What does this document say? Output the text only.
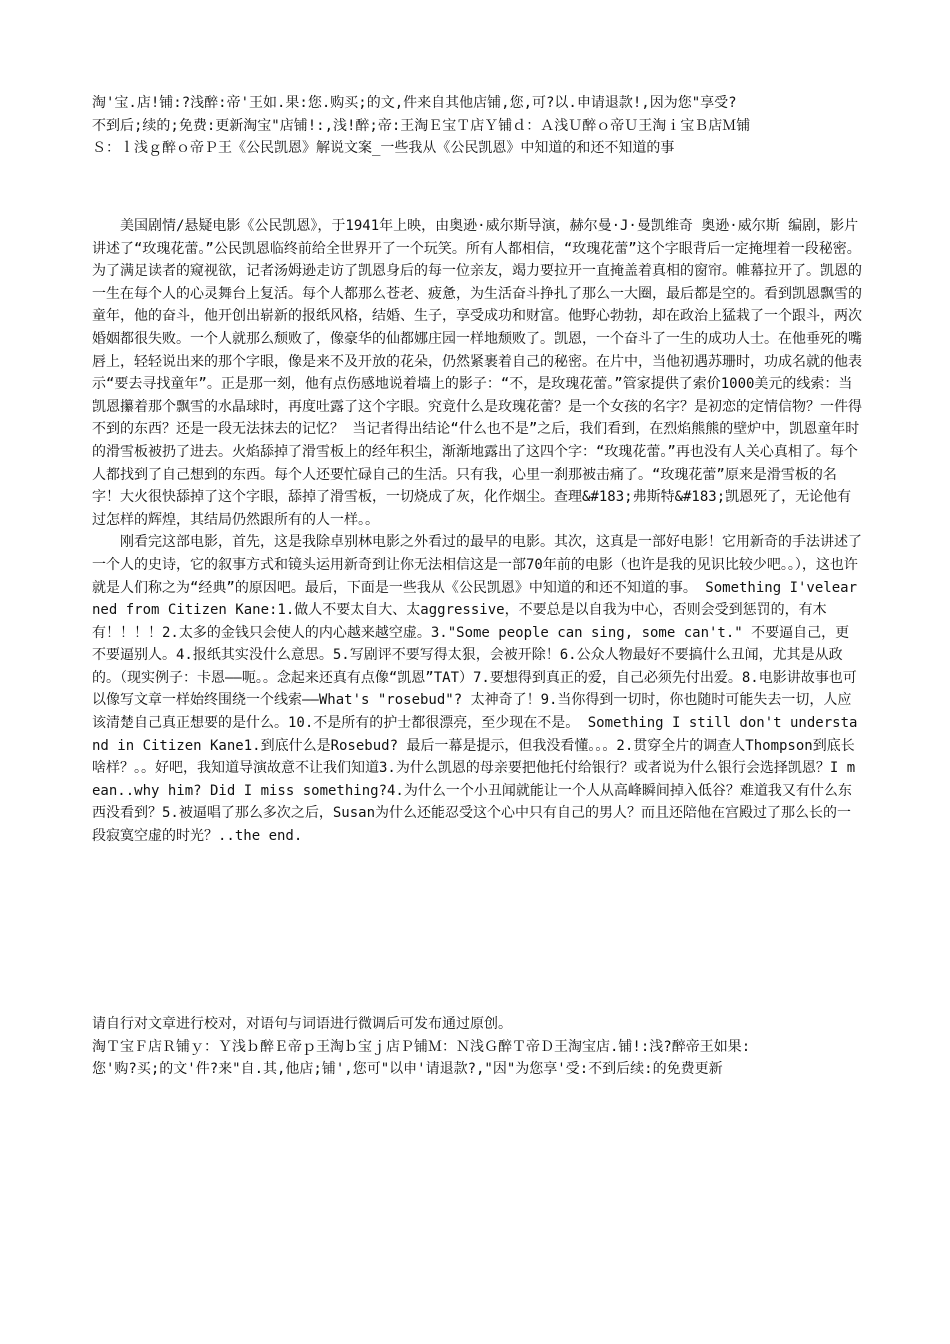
淘'宝.店!铺:?浅醉:帝'王如.果:您.购买;的文,件来自其他店铺,您,可?以.申请退款!,因为您"享受?
不到后;续的;免费:更新淘宝"店铺!:,浅!醉;帝:王淘Ｅ宝Ｔ店Ｙ铺ｄ：Ａ浅Ｕ醉ｏ帝Ｕ王淘ｉ宝Ｂ店Ｍ铺
Ｓ：ｌ浅ｇ醉ｏ帝Ｐ王《公民凯恩》解说文案_一些我从《公民凯恩》中知道的和还不知道的事

美国剧情/悬疑电影《公民凯恩》，于1941年上映，由奥逊·威尔斯导演，赫尔曼·J·曼凯维奇 奥逊·威尔斯 编剧，影片讲述了“玫瑰花蕾。”公民凯恩临终前给全世界开了一个玩笑。所有人都相信，“玫瑰花蕾”这个字眼背后一定掩埋着一段秘密。为了满足读者的窥视欲，记者汤姆逊走访了凯恩身后的每一位亲友，竭力要拉开一直掩盖着真相的窗帘。帷幕拉开了。凯恩的一生在每个人的心灵舞台上复活。每个人都那么苍老、疲惫，为生活奋斗挣扎了那么一大圈，最后都是空的。看到凯恩飘雪的童年，他的奋斗，他开创出崭新的报纸风格，结婚、生子，享受成功和财富。他野心勃勃，却在政治上猛栽了一个跟斗，两次婚姻都很失败。一个人就那么颓败了，像豪华的仙都娜庄园一样地颓败了。凯恩，一个奋斗了一生的成功人士。在他垂死的嘴唇上，轻轻说出来的那个字眼，像是来不及开放的花朵，仍然紧裹着自己的秘密。在片中，当他初遇苏珊时，功成名就的他表示“要去寻找童年”。正是那一刻，他有点伤感地说着墙上的影子：“不，是玫瑰花蕾。”管家提供了索价1000美元的线索：当凯恩攥着那个飘雪的水晶球时，再度吐露了这个字眼。究竟什么是玫瑰花蕾？是一个女孩的名字？是初恋的定情信物？一件得不到的东西？还是一段无法抹去的记忆？ 当记者得出结论“什么也不是”之后，我们看到，在烈焰熊熊的壁炉中，凯恩童年时的滑雪板被扔了进去。火焰舔掉了滑雪板上的经年积尘，渐渐地露出了这四个字：“玫瑰花蕾。”再也没有人关心真相了。每个人都找到了自己想到的东西。每个人还要忙碌自己的生活。只有我，心里一刹那被击痛了。“玫瑰花蕾”原来是滑雪板的名字！大火很快舔掉了这个字眼，舔掉了滑雪板，一切烧成了灰，化作烟尘。查理&#183;弗斯特&#183;凯恩死了，无论他有过怎样的辉煌，其结局仍然跟所有的人一样。。

刚看完这部电影，首先，这是我除卓别林电影之外看过的最早的电影。其次，这真是一部好电影！它用新奇的手法讲述了一个人的史诗，它的叙事方式和镜头运用新奇到让你无法相信这是一部70年前的电影（也许是我的见识比较少吧。。），这也许就是人们称之为“经典”的原因吧。最后，下面是一些我从《公民凯恩》中知道的和还不知道的事。 Something I'velearned from Citizen Kane:1.做人不要太自大、太aggressive，不要总是以自我为中心，否则会受到惩罚的，有木有！！！！2.太多的金钱只会使人的内心越来越空虚。3."Some people can sing, some can't." 不要逼自己，更不要逼别人。4.报纸其实没什么意思。5.写剧评不要写得太狠，会被开除！6.公众人物最好不要搞什么丑闻，尤其是从政的。（现实例子：卡恩——呃。。念起来还真有点像“凯恩”TAT）7.要想得到真正的爱，自己必须先付出爱。8.电影讲故事也可以像写文章一样始终围绕一个线索——What's "rosebud"? 太神奇了！9.当你得到一切时，你也随时可能失去一切，人应该清楚自己真正想要的是什么。10.不是所有的护士都很漂亮，至少现在不是。 Something I still don't understand in Citizen Kane1.到底什么是Rosebud? 最后一幕是提示，但我没看懂。。。2.贯穿全片的调查人Thompson到底长啥样？。。好吧，我知道导演故意不让我们知道3.为什么凯恩的母亲要把他托付给银行？或者说为什么银行会选择凯恩？I mean..why him? Did I miss something?4.为什么一个小丑闻就能让一个人从高峰瞬间掉入低谷？难道我又有什么东西没看到？5.被逼唱了那么多次之后，Susan为什么还能忍受这个心中只有自己的男人？而且还陪他在宫殿过了那么长的一段寂寞空虚的时光？..the end.

请自行对文章进行校对，对语句与词语进行微调后可发布通过原创。

淘Ｔ宝Ｆ店Ｒ铺ｙ：Ｙ浅ｂ醉Ｅ帝ｐ王淘ｂ宝ｊ店Ｐ铺Ｍ：Ｎ浅Ｇ醉Ｔ帝Ｄ王淘宝店.铺!:浅?醉帝王如果:

您'购?买;的文'件?来"自.其,他店;铺',您可"以申'请退款?,"因"为您享'受:不到后续:的免费更新
